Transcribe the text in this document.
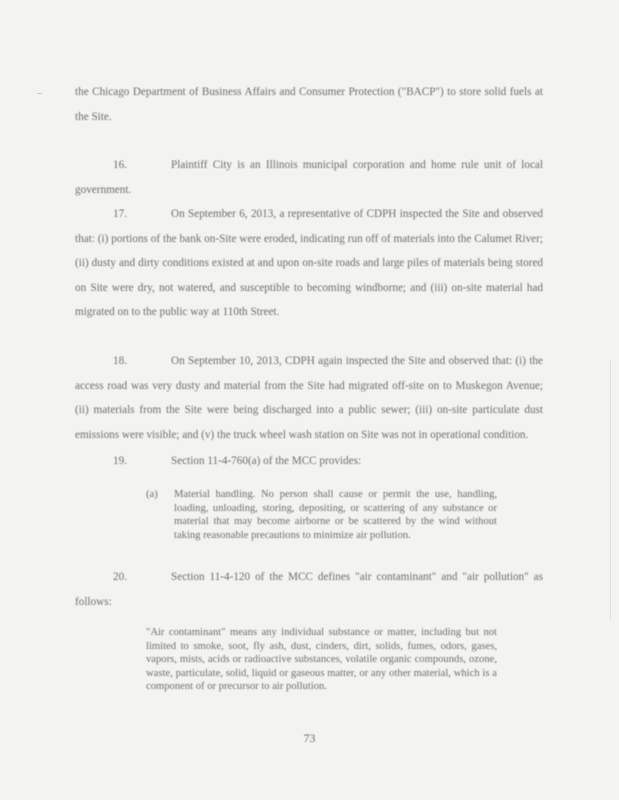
the Chicago Department of Business Affairs and Consumer Protection ("BACP") to store solid fuels at the Site.

16.	Plaintiff City is an Illinois municipal corporation and home rule unit of local government.

17.	On September 6, 2013, a representative of CDPH inspected the Site and observed that: (i) portions of the bank on-Site were eroded, indicating run off of materials into the Calumet River; (ii) dusty and dirty conditions existed at and upon on-site roads and large piles of materials being stored on Site were dry, not watered, and susceptible to becoming windborne; and (iii) on-site material had migrated on to the public way at 110th Street.

18.	On September 10, 2013, CDPH again inspected the Site and observed that: (i) the access road was very dusty and material from the Site had migrated off-site on to Muskegon Avenue; (ii) materials from the Site were being discharged into a public sewer; (iii) on-site particulate dust emissions were visible; and (v) the truck wheel wash station on Site was not in operational condition.

19.	Section 11-4-760(a) of the MCC provides:

(a) Material handling. No person shall cause or permit the use, handling, loading, unloading, storing, depositing, or scattering of any substance or material that may become airborne or be scattered by the wind without taking reasonable precautions to minimize air pollution.

20.	Section 11-4-120 of the MCC defines "air contaminant" and "air pollution" as follows:

"Air contaminant" means any individual substance or matter, including but not limited to smoke, soot, fly ash, dust, cinders, dirt, solids, fumes, odors, gases, vapors, mists, acids or radioactive substances, volatile organic compounds, ozone, waste, particulate, solid, liquid or gaseous matter, or any other material, which is a component of or precursor to air pollution.

73
